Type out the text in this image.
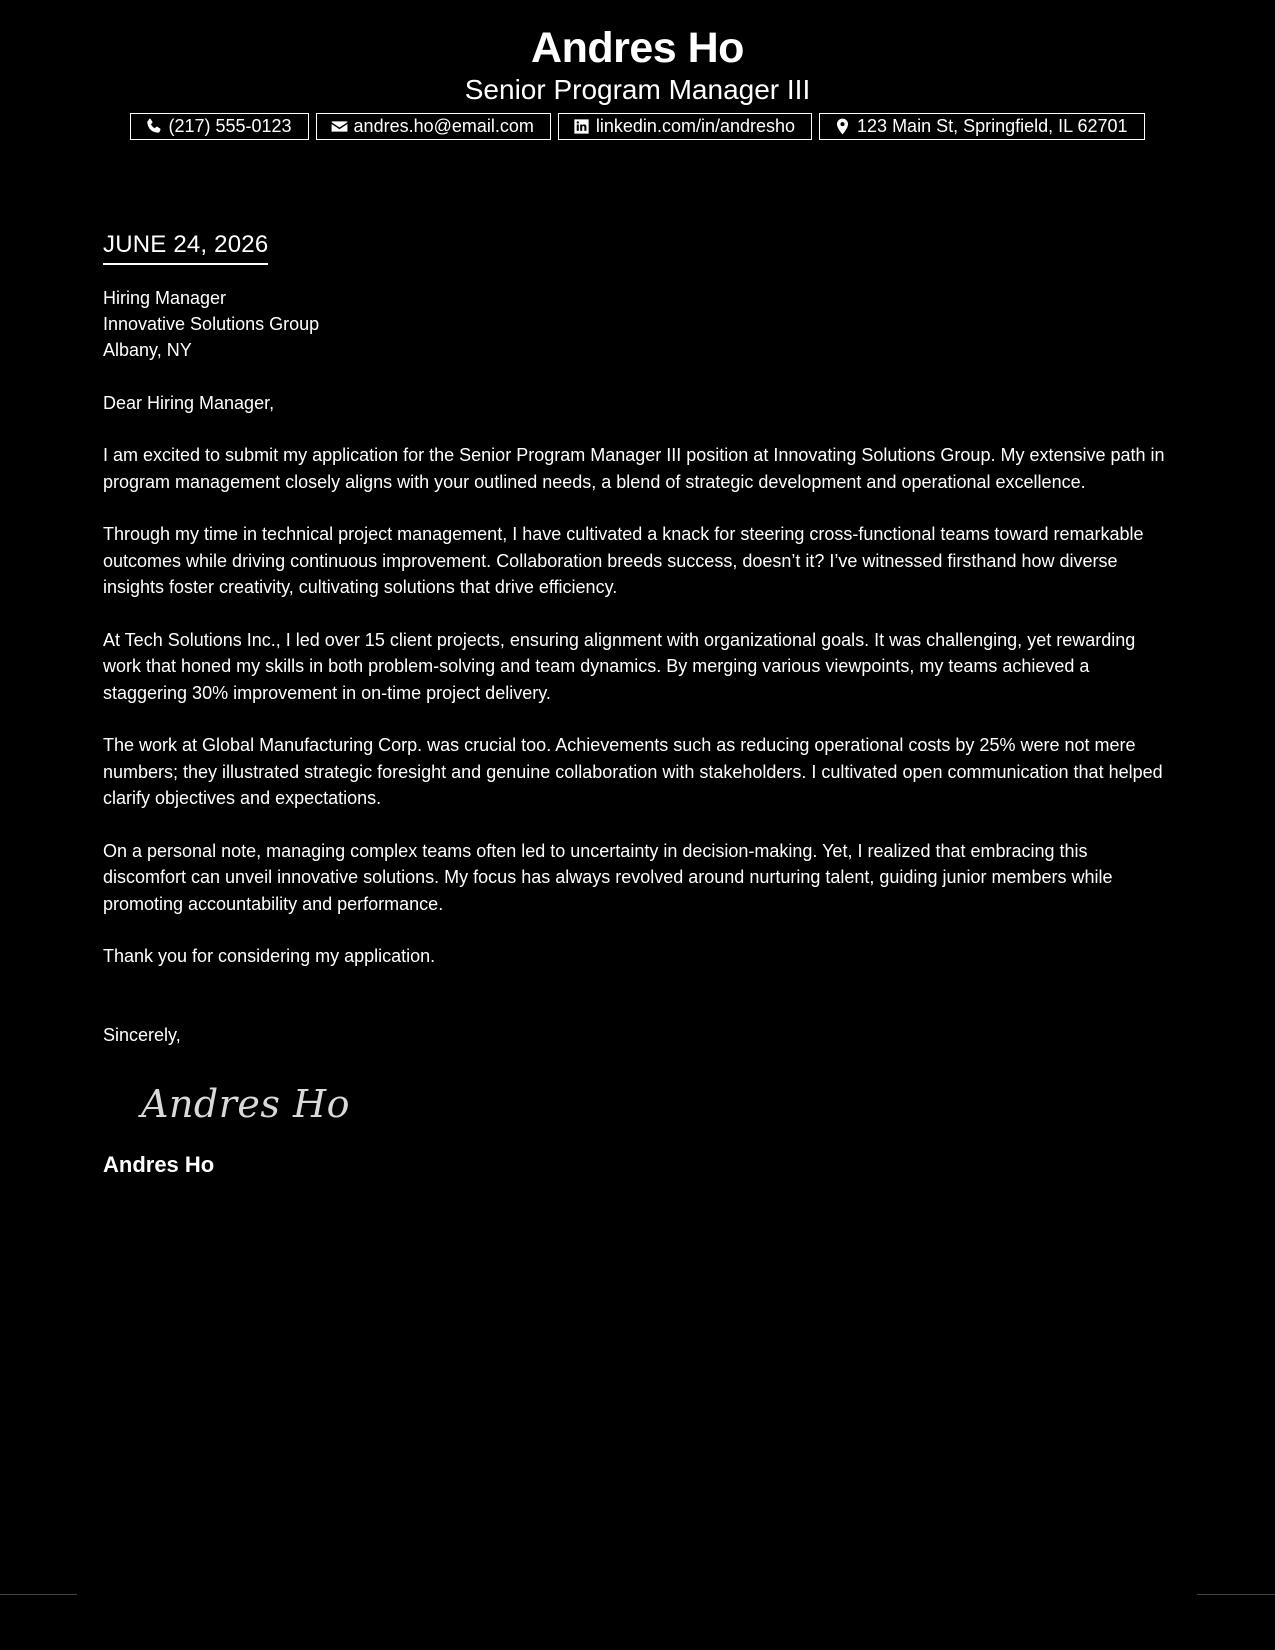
Andres Ho
Senior Program Manager III
(217) 555-0123	andres.ho@email.com	linkedin.com/in/andresho	123 Main St, Springfield, IL 62701
JUNE 24, 2026
Hiring Manager
Innovative Solutions Group
Albany, NY
Dear Hiring Manager,
I am excited to submit my application for the Senior Program Manager III position at Innovating Solutions Group. My extensive path in program management closely aligns with your outlined needs, a blend of strategic development and operational excellence.
Through my time in technical project management, I have cultivated a knack for steering cross-functional teams toward remarkable outcomes while driving continuous improvement. Collaboration breeds success, doesn’t it? I’ve witnessed firsthand how diverse insights foster creativity, cultivating solutions that drive efficiency.
At Tech Solutions Inc., I led over 15 client projects, ensuring alignment with organizational goals. It was challenging, yet rewarding work that honed my skills in both problem-solving and team dynamics. By merging various viewpoints, my teams achieved a staggering 30% improvement in on-time project delivery.
The work at Global Manufacturing Corp. was crucial too. Achievements such as reducing operational costs by 25% were not mere numbers; they illustrated strategic foresight and genuine collaboration with stakeholders. I cultivated open communication that helped clarify objectives and expectations.
On a personal note, managing complex teams often led to uncertainty in decision-making. Yet, I realized that embracing this discomfort can unveil innovative solutions. My focus has always revolved around nurturing talent, guiding junior members while promoting accountability and performance.
Thank you for considering my application.
Sincerely,
Andres Ho
Andres Ho
